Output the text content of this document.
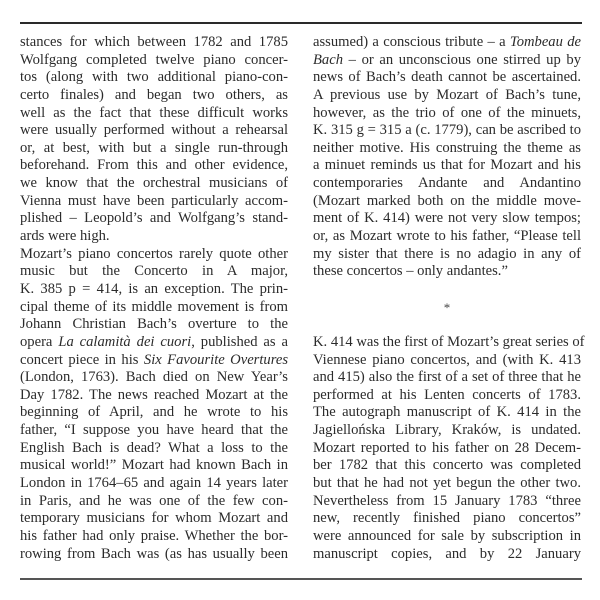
stances for which between 1782 and 1785
Wolfgang completed twelve piano concer-
tos (along with two additional piano-con-
certo finales) and began two others, as
well as the fact that these difficult works
were usually performed without a rehearsal
or, at best, with but a single run-through
beforehand. From this and other evidence,
we know that the orchestral musicians of
Vienna must have been particularly accom-
plished – Leopold’s and Wolfgang’s stand-
ards were high.
Mozart’s piano concertos rarely quote other
music but the Concerto in A major,
K. 385 p = 414, is an exception. The prin-
cipal theme of its middle movement is from
Johann Christian Bach’s overture to the
opera La calamità dei cuori, published as a
concert piece in his Six Favourite Overtures
(London, 1763). Bach died on New Year’s
Day 1782. The news reached Mozart at the
beginning of April, and he wrote to his
father, “I suppose you have heard that the
English Bach is dead? What a loss to the
musical world!” Mozart had known Bach in
London in 1764–65 and again 14 years later
in Paris, and he was one of the few con-
temporary musicians for whom Mozart and
his father had only praise. Whether the bor-
rowing from Bach was (as has usually been
assumed) a conscious tribute – a Tombeau de
Bach – or an unconscious one stirred up by
news of Bach’s death cannot be ascertained.
A previous use by Mozart of Bach’s tune,
however, as the trio of one of the minuets,
K. 315 g = 315 a (c. 1779), can be ascribed to
neither motive. His construing the theme as
a minuet reminds us that for Mozart and his
contemporaries Andante and Andantino
(Mozart marked both on the middle move-
ment of K. 414) were not very slow tempos;
or, as Mozart wrote to his father, “Please tell
my sister that there is no adagio in any of
these concertos – only andantes.”
*
K. 414 was the first of Mozart’s great series of
Viennese piano concertos, and (with K. 413
and 415) also the first of a set of three that he
performed at his Lenten concerts of 1783.
The autograph manuscript of K. 414 in the
Jagiellońska Library, Kraków, is undated.
Mozart reported to his father on 28 Decem-
ber 1782 that this concerto was completed
but that he had not yet begun the other two.
Nevertheless from 15 January 1783 “three
new, recently finished piano concertos”
were announced for sale by subscription in
manuscript copies, and by 22 January
